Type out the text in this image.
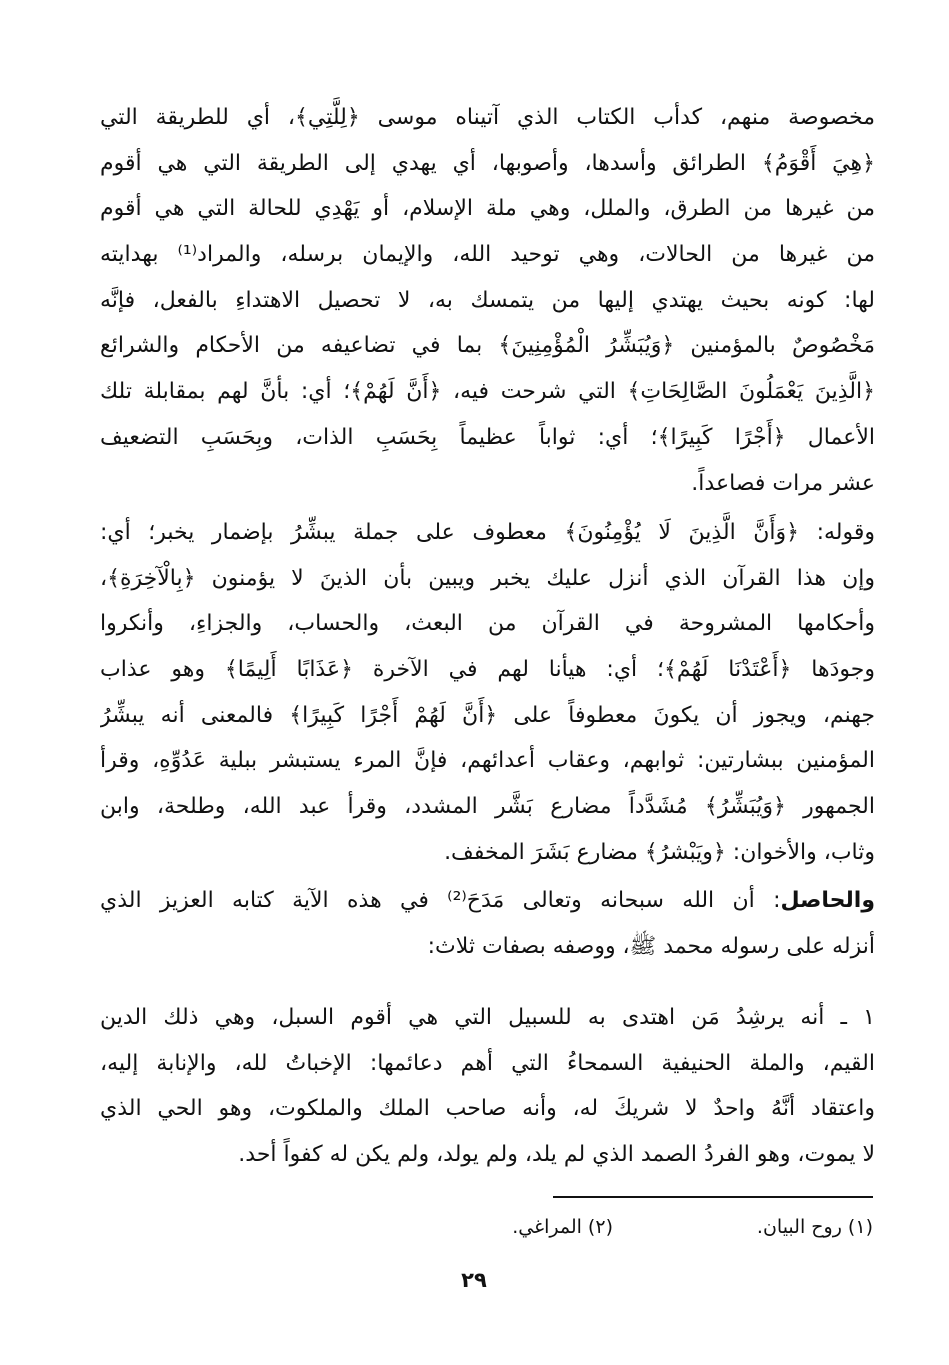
مخصوصة منهم، كدأب الكتاب الذي آتيناه موسى ﴿لِلَّتِي﴾، أي للطريقة التي
﴿هِيَ أَقْوَمُ﴾ الطرائق وأسدها، وأصوبها، أي يهدي إلى الطريقة التي هي أقوم
من غيرها من الطرق، والملل، وهي ملة الإسلام، أو يَهْدِي للحالة التي هي أقوم
من غيرها من الحالات، وهي توحيد الله، والإيمان برسله، والمراد⁽¹⁾ بهدايته
لها: كونه بحيث يهتدي إليها من يتمسك به، لا تحصيل الاهتداءِ بالفعل، فإنَّه
مَخْصُوصٌ بالمؤمنين ﴿وَيُبَشِّرُ الْمُؤْمِنِينَ﴾ بما في تضاعيفه من الأحكام والشرائع
﴿الَّذِينَ يَعْمَلُونَ الصَّالِحَاتِ﴾ التي شرحت فيه، ﴿أَنَّ لَهُمْ﴾؛ أي: بأنَّ لهم بمقابلة تلك
الأعمال ﴿أَجْرًا كَبِيرًا﴾؛ أي: ثواباً عظيماً بِحَسَبِ الذات، وبِحَسَبِ التضعيف
عشر مرات فصاعداً.
وقوله: ﴿وَأَنَّ الَّذِينَ لَا يُؤْمِنُونَ﴾ معطوف على جملة يبشِّرُ بإضمار يخبر؛ أي:
وإن هذا القرآن الذي أنزل عليك يخبر ويبين بأن الذينَ لا يؤمنون ﴿بِالْآخِرَةِ﴾،
وأحكامها المشروحة في القرآن من البعث، والحساب، والجزاءِ، وأنكروا
وجودَها ﴿أَعْتَدْنَا لَهُمْ﴾؛ أي: هيأنا لهم في الآخرة ﴿عَذَابًا أَلِيمًا﴾ وهو عذاب
جهنم، ويجوز أن يكونَ معطوفاً على ﴿أَنَّ لَهُمْ أَجْرًا كَبِيرًا﴾ فالمعنى أنه يبشِّرُ
المؤمنين ببشارتين: ثوابهم، وعقاب أعدائهم، فإنَّ المرء يستبشر ببلية عَدُوِّهِ، وقرأ
الجمهور ﴿وَيُبَشِّرُ﴾ مُشَدَّداً مضارع بَشَّر المشدد، وقرأ عبد الله، وطلحة، وابن
وثاب، والأخوان: ﴿ويَبْشرُ﴾ مضارع بَشَرَ المخفف.
والحاصل: أن الله سبحانه وتعالى مَدَحَ⁽²⁾ في هذه الآية كتابه العزيز الذي
أنزله على رسوله محمد ﷺ، ووصفه بصفات ثلاث:
١ ـ أنه يرشِدُ مَن اهتدى به للسبيل التي هي أقوم السبل، وهي ذلك الدين
القيم، والملة الحنيفية السمحاءُ التي أهم دعائمها: الإخباتُ لله، والإنابة إليه،
واعتقاد أنَّهُ واحدٌ لا شريكَ له، وأنه صاحب الملك والملكوت، وهو الحي الذي
لا يموت، وهو الفردُ الصمد الذي لم يلد، ولم يولد، ولم يكن له كفواً أحد.
(١) روح البيان.
(٢) المراغي.
٢٩
